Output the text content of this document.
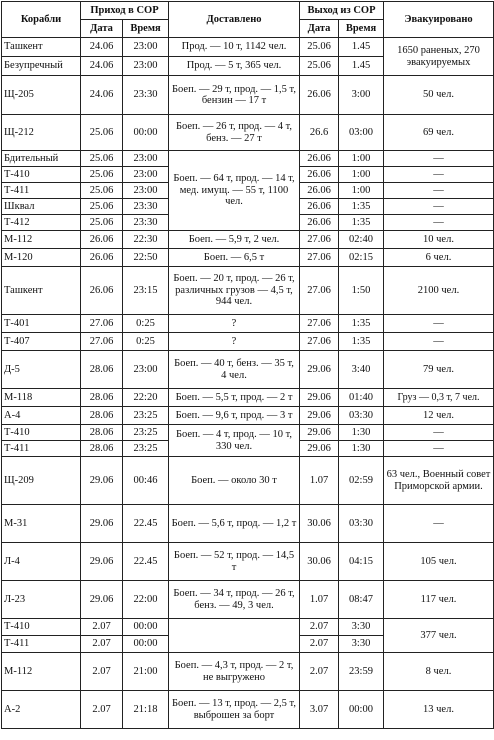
Корабли	Приход в СОР		Доставлено	Выход из СОР		Эвакуировано
	Дата	Время		Дата	Время	
Ташкент	24.06	23:00	Прод. — 10 т, 1142 чел.	25.06	1.45	1650 раненых, 270 эвакуируемых
Безупречный	24.06	23:00	Прод. — 5 т, 365 чел.	25.06	1.45	
Щ-205	24.06	23:30	Боеп. — 29 т, прод. — 1,5 т, бензин — 17 т	26.06	3:00	50 чел.
Щ-212	25.06	00:00	Боеп. — 26 т, прод. — 4 т, бенз. — 27 т	26.6	03:00	69 чел.
Бдительный	25.06	23:00	Боеп. — 64 т, прод. — 14 т, мед. имущ. — 55 т, 1100 чел.	26.06	1:00	—
Т-410	25.06	23:00		26.06	1:00	—
Т-411	25.06	23:00		26.06	1:00	—
Шквал	25.06	23:30		26.06	1:35	—
Т-412	25.06	23:30		26.06	1:35	—
М-112	26.06	22:30	Боеп. — 5,9 т, 2 чел.	27.06	02:40	10 чел.
М-120	26.06	22:50	Боеп. — 6,5 т	27.06	02:15	6 чел.
Ташкент	26.06	23:15	Боеп. — 20 т, прод. — 26 т, различных грузов — 4,5 т, 944 чел.	27.06	1:50	2100 чел.
Т-401	27.06	0:25	?	27.06	1:35	—
Т-407	27.06	0:25	?	27.06	1:35	—
Д-5	28.06	23:00	Боеп. — 40 т, бенз. — 35 т, 4 чел.	29.06	3:40	79 чел.
М-118	28.06	22:20	Боеп. — 5,5 т, прод. — 2 т	29.06	01:40	Груз — 0,3 т, 7 чел.
А-4	28.06	23:25	Боеп. — 9,6 т, прод. — 3 т	29.06	03:30	12 чел.
Т-410	28.06	23:25	Боеп. — 4 т, прод. — 10 т, 330 чел.	29.06	1:30	—
Т-411	28.06	23:25		29.06	1:30	—
Щ-209	29.06	00:46	Боеп. — около 30 т	1.07	02:59	63 чел., Военный совет Приморской армии.
М-31	29.06	22.45	Боеп. — 5,6 т, прод. — 1,2 т	30.06	03:30	—
Л-4	29.06	22.45	Боеп. — 52 т, прод. — 14,5 т	30.06	04:15	105 чел.
Л-23	29.06	22:00	Боеп. — 34 т, прод. — 26 т, бенз. — 49, 3 чел.	1.07	08:47	117 чел.
Т-410	2.07	00:00		2.07	3:30	377 чел.
Т-411	2.07	00:00		2.07	3:30	
М-112	2.07	21:00	Боеп. — 4,3 т, прод. — 2 т, не выгружено	2.07	23:59	8 чел.
А-2	2.07	21:18	Боеп. — 13 т, прод. — 2,5 т, выброшен за борт	3.07	00:00	13 чел.
